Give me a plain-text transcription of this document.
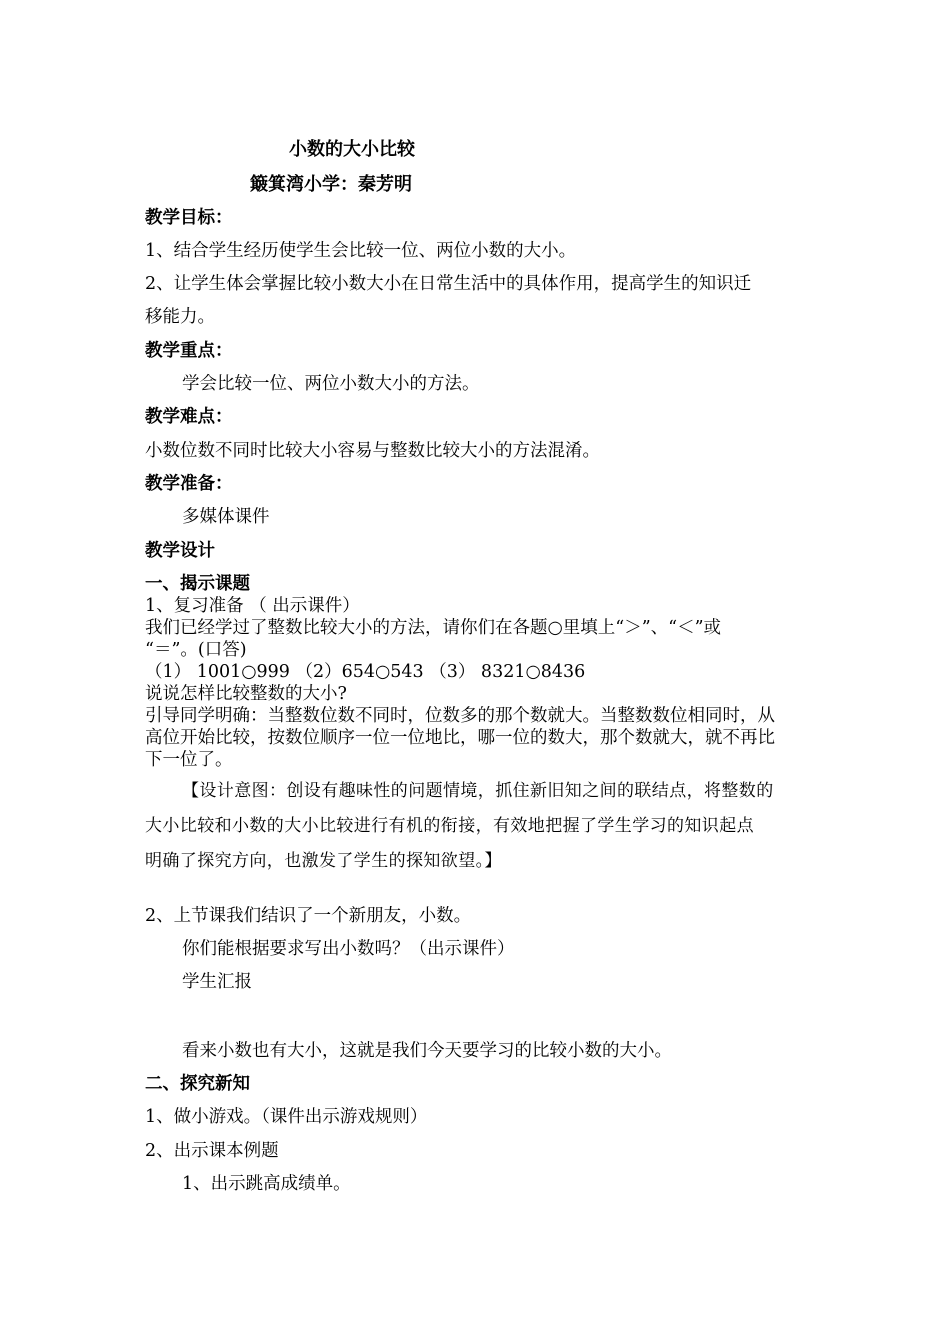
小数的大小比较
簸箕湾小学：秦芳明
教学目标：
1、结合学生经历使学生会比较一位、两位小数的大小。
2、让学生体会掌握比较小数大小在日常生活中的具体作用，提高学生的知识迁
移能力。
教学重点：
学会比较一位、两位小数大小的方法。
教学难点：
小数位数不同时比较大小容易与整数比较大小的方法混淆。
教学准备：
多媒体课件
教学设计
一、揭示课题
1、复习准备 （ 出示课件）
我们已经学过了整数比较大小的方法，请你们在各题○里填上“＞”、“＜”或
“＝”。(口答)
（1） 1001○999 （2）654○543 （3） 8321○8436
说说怎样比较整数的大小?
引导同学明确：当整数位数不同时，位数多的那个数就大。当整数数位相同时，从
高位开始比较，按数位顺序一位一位地比，哪一位的数大，那个数就大，就不再比
下一位了。
【设计意图：创设有趣味性的问题情境，抓住新旧知之间的联结点，将整数的
大小比较和小数的大小比较进行有机的衔接，有效地把握了学生学习的知识起点
明确了探究方向，也激发了学生的探知欲望。】
2、上节课我们结识了一个新朋友，小数。
你们能根据要求写出小数吗？（出示课件）
学生汇报
看来小数也有大小，这就是我们今天要学习的比较小数的大小。
二、探究新知
1、做小游戏。（课件出示游戏规则）
2、出示课本例题
1、出示跳高成绩单。
